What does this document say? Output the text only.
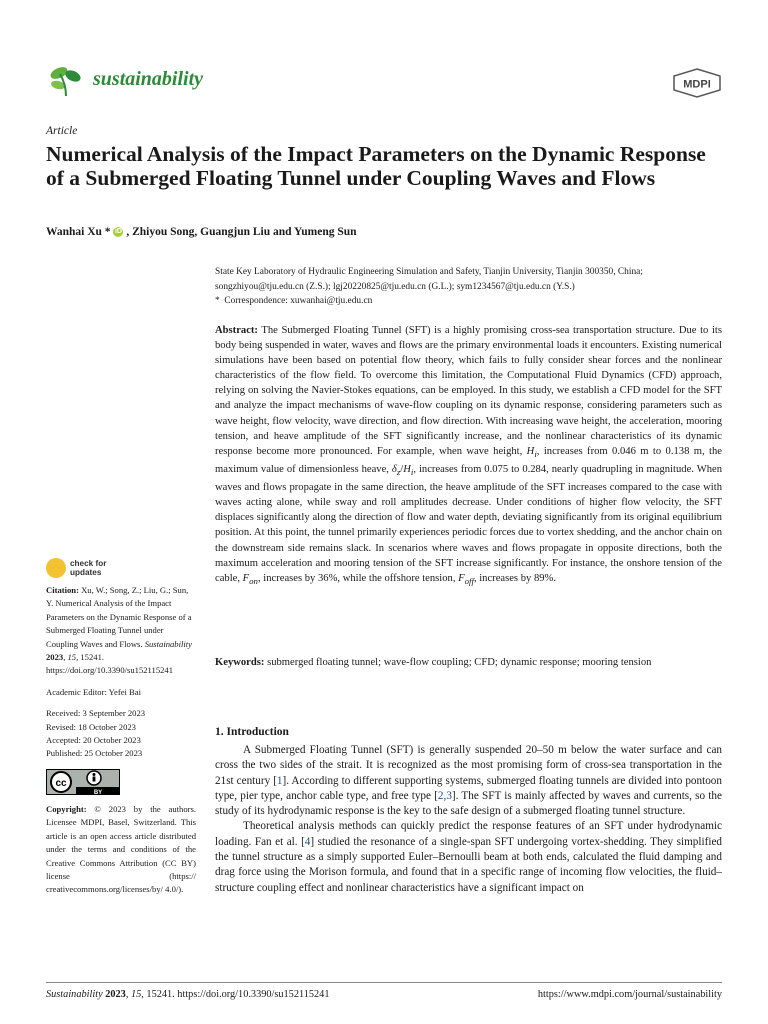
sustainability	MDPI
Article
Numerical Analysis of the Impact Parameters on the Dynamic Response of a Submerged Floating Tunnel under Coupling Waves and Flows
Wanhai Xu * iD , Zhiyou Song, Guangjun Liu and Yumeng Sun
State Key Laboratory of Hydraulic Engineering Simulation and Safety, Tianjin University, Tianjin 300350, China;
songzhiyou@tju.edu.cn (Z.S.); lgj20220825@tju.edu.cn (G.L.); sym1234567@tju.edu.cn (Y.S.)
* Correspondence: xuwanhai@tju.edu.cn
Abstract: The Submerged Floating Tunnel (SFT) is a highly promising cross-sea transportation structure. Due to its body being suspended in water, waves and flows are the primary environmental loads it encounters. Existing numerical simulations have been based on potential flow theory, which fails to fully consider shear forces and the nonlinear characteristics of the flow field. To overcome this limitation, the Computational Fluid Dynamics (CFD) approach, relying on solving the Navier-Stokes equations, can be employed. In this study, we establish a CFD model for the SFT and analyze the impact mechanisms of wave-flow coupling on its dynamic response, considering parameters such as wave height, flow velocity, wave direction, and flow direction. With increasing wave height, the acceleration, mooring tension, and heave amplitude of the SFT significantly increase, and the nonlinear characteristics of its dynamic response become more pronounced. For example, when wave height, $H_i$, increases from 0.046 m to 0.138 m, the maximum value of dimensionless heave, $\delta_z/H_i$, increases from 0.075 to 0.284, nearly quadrupling in magnitude. When waves and flows propagate in the same direction, the heave amplitude of the SFT increases compared to the case with waves acting alone, while sway and roll amplitudes decrease. Under conditions of higher flow velocity, the SFT displaces significantly along the direction of flow and water depth, deviating significantly from its original equilibrium position. At this point, the tunnel primarily experiences periodic forces due to vortex shedding, and the anchor chain on the downstream side remains slack. In scenarios where waves and flows propagate in opposite directions, both the maximum acceleration and mooring tension of the SFT increase significantly. For instance, the onshore tension of the cable, $F_{on}$, increases by 36%, while the offshore tension, $F_{off}$, increases by 89%.
Keywords: submerged floating tunnel; wave-flow coupling; CFD; dynamic response; mooring tension
1. Introduction

A Submerged Floating Tunnel (SFT) is generally suspended 20–50 m below the water surface and can cross the two sides of the strait. It is recognized as the most promising form of cross-sea transportation in the 21st century [1]. According to different supporting systems, submerged floating tunnels are divided into pontoon type, pier type, anchor cable type, and free type [2,3]. The SFT is mainly affected by waves and currents, so the study of its hydrodynamic response is the key to the safe design of a submerged floating tunnel structure.

Theoretical analysis methods can quickly predict the response features of an SFT under hydrodynamic loading. Fan et al. [4] studied the resonance of a single-span SFT undergoing vortex-shedding. They simplified the tunnel structure as a simply supported Euler–Bernoulli beam at both ends, calculated the fluid damping and drag force using the Morison formula, and found that in a specific range of incoming flow velocities, the fluid–structure coupling effect and nonlinear characteristics have a significant impact on

check for
updates
Citation: Xu, W.; Song, Z.; Liu, G.; Sun, Y. Numerical Analysis of the Impact Parameters on the Dynamic Response of a Submerged Floating Tunnel under Coupling Waves and Flows. Sustainability 2023, 15, 15241. https://doi.org/10.3390/su152115241
Academic Editor: Yefei Bai
Received: 3 September 2023
Revised: 18 October 2023
Accepted: 20 October 2023
Published: 25 October 2023
cc
BY
Copyright: © 2023 by the authors. Licensee MDPI, Basel, Switzerland. This article is an open access article distributed under the terms and conditions of the Creative Commons Attribution (CC BY) license (https:// creativecommons.org/licenses/by/ 4.0/).
Sustainability 2023, 15, 15241. https://doi.org/10.3390/su152115241	https://www.mdpi.com/journal/sustainability
